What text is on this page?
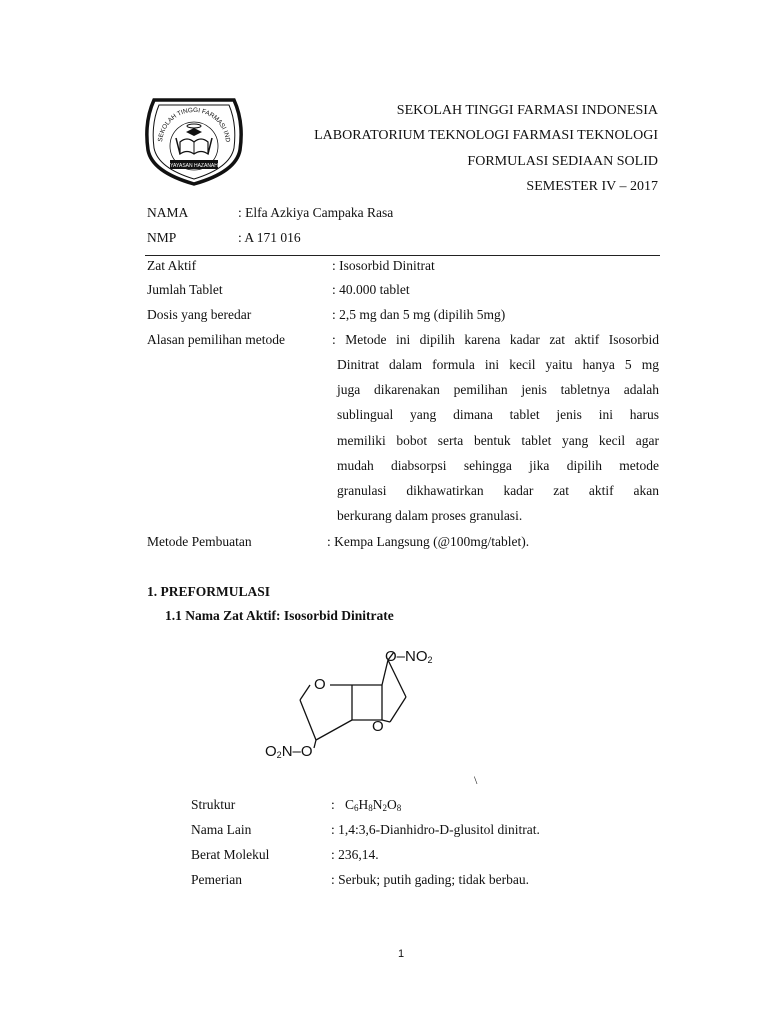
SEKOLAH TINGGI FARMASI IND
YAYASAN HAZANAH
SEKOLAH TINGGI FARMASI INDONESIA
LABORATORIUM TEKNOLOGI FARMASI TEKNOLOGI
FORMULASI SEDIAAN SOLID
SEMESTER IV – 2017
NAMA	: Elfa Azkiya Campaka Rasa
NMP	: A 171 016
Zat Aktif	: Isosorbid Dinitrat
Jumlah Tablet	: 40.000 tablet
Dosis yang beredar	: 2,5 mg dan 5 mg (dipilih 5mg)
Alasan pemilihan metode	: Metode ini dipilih karena kadar zat aktif Isosorbid
Dinitrat dalam formula ini kecil yaitu hanya 5 mg
juga dikarenakan pemilihan jenis tabletnya adalah
sublingual yang dimana tablet jenis ini harus
memiliki bobot serta bentuk tablet yang kecil agar
mudah diabsorpsi sehingga jika dipilih metode
granulasi dikhawatirkan kadar zat aktif akan
berkurang dalam proses granulasi.
Metode Pembuatan	: Kempa Langsung (@100mg/tablet).
1. PREFORMULASI
1.1 Nama Zat Aktif: Isosorbid Dinitrate
$O-NO_2$
O
O
$O_2N-O$
\
Struktur	: $C_6H_8N_2O_8$
Nama Lain	: 1,4:3,6-Dianhidro-D-glusitol dinitrat.
Berat Molekul	: 236,14.
Pemerian	: Serbuk; putih gading; tidak berbau.
1
